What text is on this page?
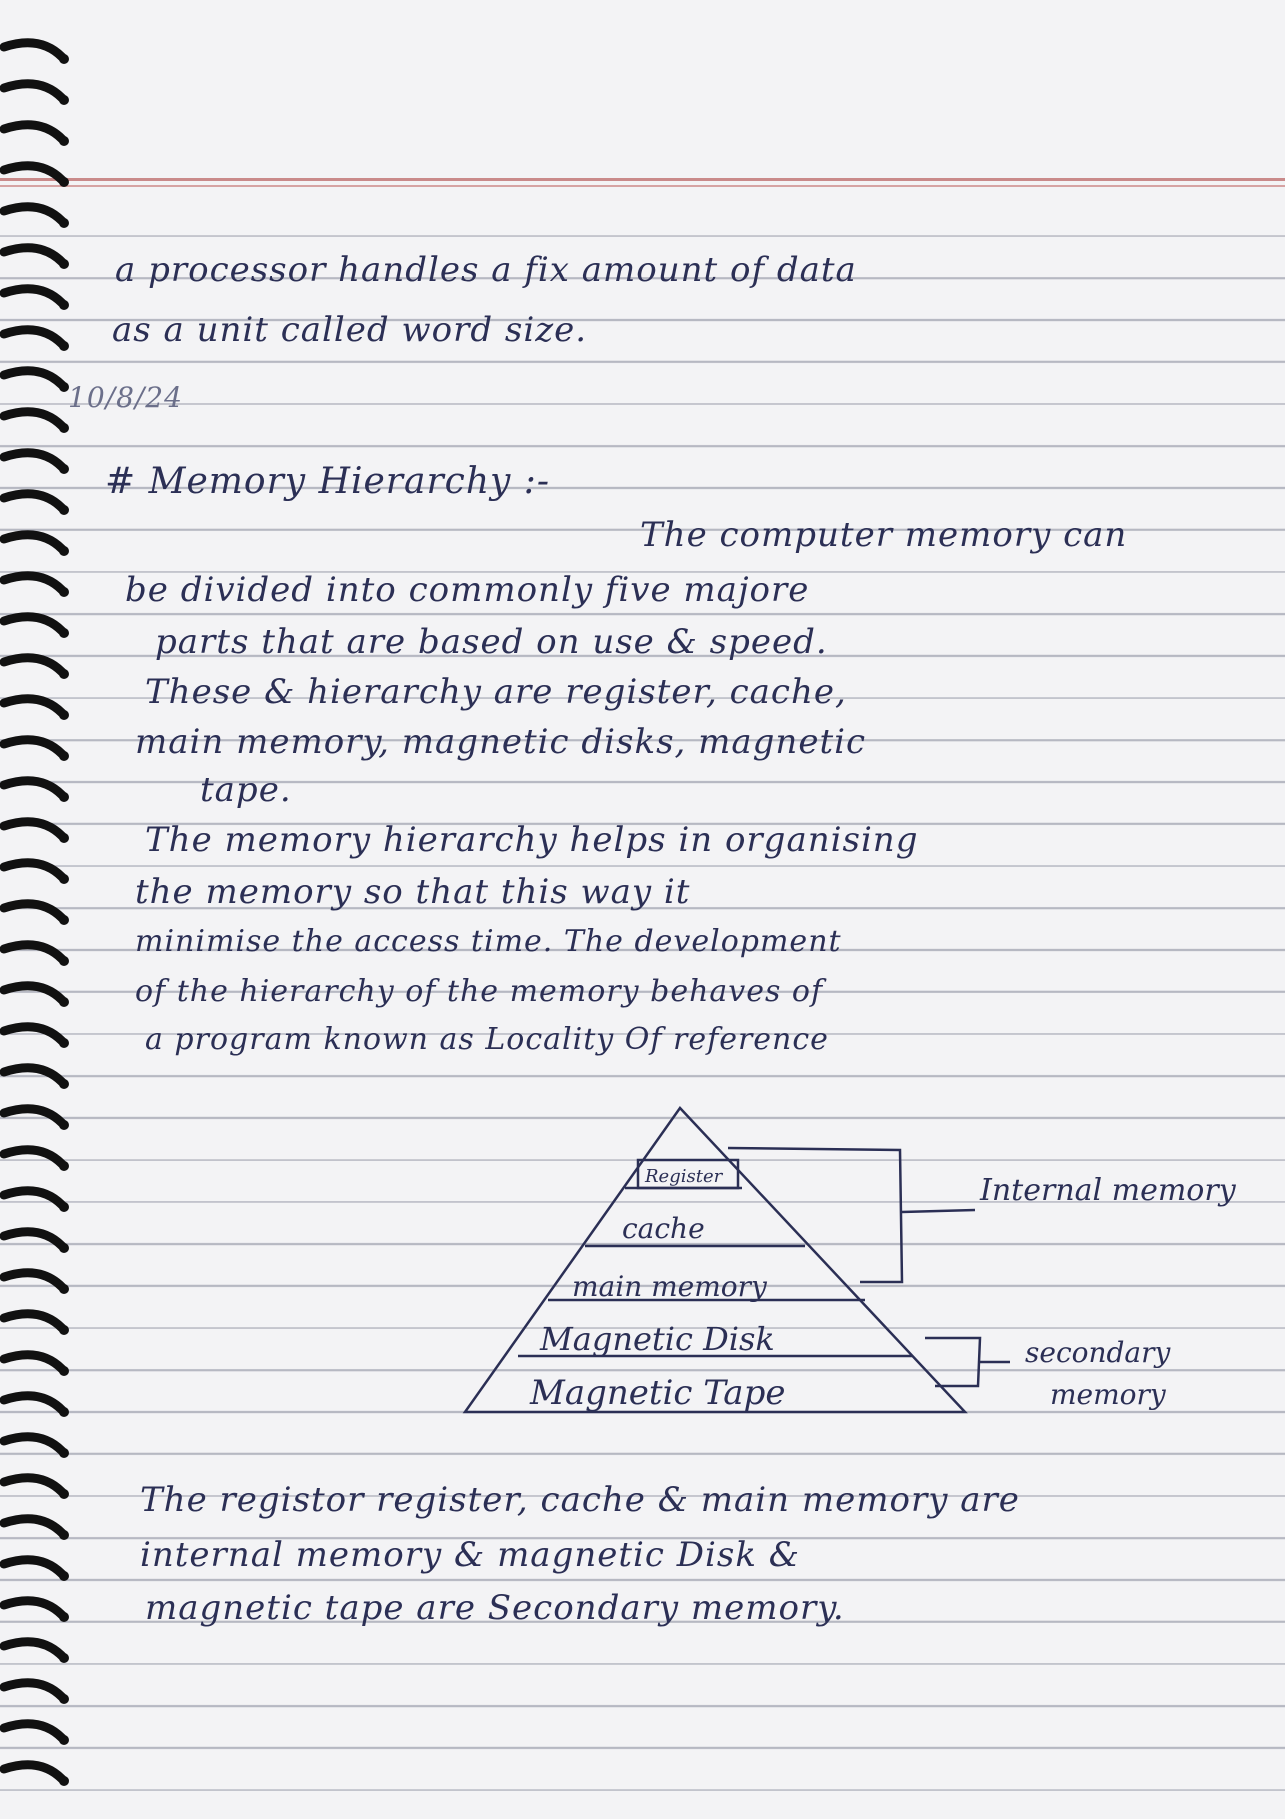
a processor handles a fix amount of data
as a unit called word size.
10/8/24
# Memory Hierarchy :-
The computer memory can
be divided into commonly five majore
parts that are based on use & speed.
These & hierarchy are register, cache,
main memory, magnetic disks, magnetic
tape.
The memory hierarchy helps in organising
the memory so that this way it
minimise the access time. The development
of the hierarchy of the memory behaves of
a program known as Locality Of reference
Register
cache
main memory
Magnetic Disk
Magnetic Tape
Internal memory
secondary
memory
The registor register, cache & main memory are
internal memory & magnetic Disk &
magnetic tape are Secondary memory.
